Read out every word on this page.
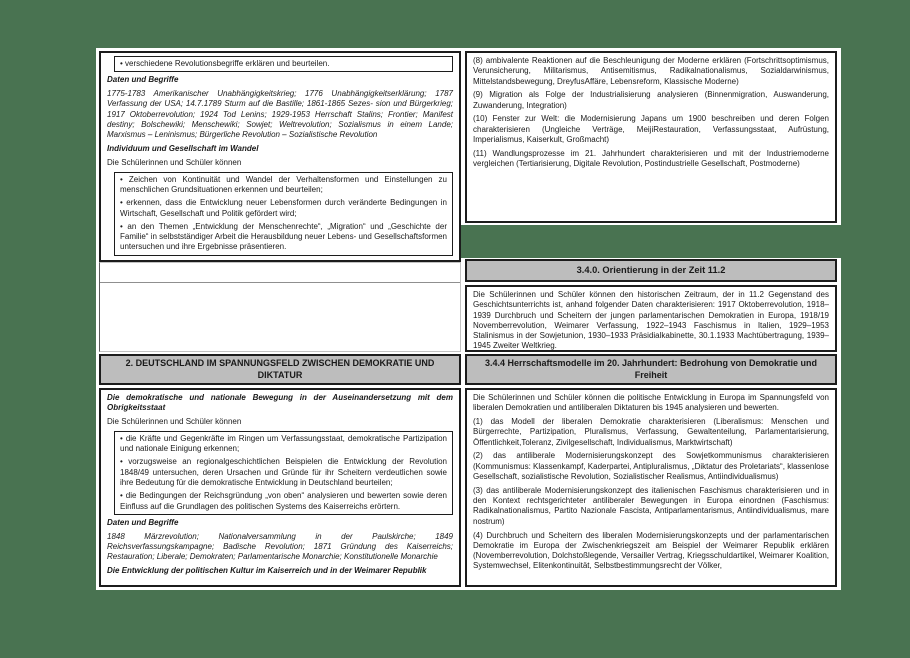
• verschiedene Revolutionsbegriffe erklären und beurteilen.

Daten und Begriffe

1775-1783 Amerikanischer Unabhängigkeitskrieg; 1776 Unabhängigkeitserklärung; 1787 Verfassung der USA; 14.7.1789 Sturm auf die Bastille; 1861-1865 Sezes- sion und Bürgerkrieg; 1917 Oktoberrevolution; 1924 Tod Lenins; 1929-1953 Herrschaft Stalins; Frontier; Manifest destiny; Bolschewiki; Menschewiki; Sowjet; Weltrevolution; Sozialismus in einem Lande; Marxismus – Leninismus; Bürgerliche Revolution – Sozialistische Revolution

Individuum und Gesellschaft im Wandel

Die Schülerinnen und Schüler können

• Zeichen von Kontinuität und Wandel der Verhaltensformen und Einstellungen zu menschlichen Grundsituationen erkennen und beurteilen;

• erkennen, dass die Entwicklung neuer Lebensformen durch veränderte Bedingungen in Wirtschaft, Gesellschaft und Politik gefördert wird;

• an den Themen „Entwicklung der Menschenrechte“, „Migration“ und „Geschichte der Familie“ in selbstständiger Arbeit die Herausbildung neuer Lebens- und Gesellschaftsformen untersuchen und ihre Ergebnisse präsentieren.

(8) ambivalente Reaktionen auf die Beschleunigung der Moderne erklären (Fortschrittsoptimismus, Verunsicherung, Militarismus, Antisemitismus, Radikalnationalismus, Sozialdarwinismus, Mittelstandsbewegung, DreyfusAffäre, Lebensreform, Klassische Moderne)

(9) Migration als Folge der Industrialisierung analysieren (Binnenmigration, Auswanderung, Zuwanderung, Integration)

(10) Fenster zur Welt: die Modernisierung Japans um 1900 beschreiben und deren Folgen charakterisieren (Ungleiche Verträge, MeijiRestauration, Verfassungsstaat, Aufrüstung, Imperialismus, Kaiserkult, Großmacht)

(11) Wandlungsprozesse im 21. Jahrhundert charakterisieren und mit der Industriemoderne vergleichen (Tertiarisierung, Digitale Revolution, Postindustrielle Gesellschaft, Postmoderne)

3.4.0. Orientierung in der Zeit 11.2

Die Schülerinnen und Schüler können den historischen Zeitraum, der in 11.2 Gegenstand des Geschichtsunterrichts ist, anhand folgender Daten charakterisieren: 1917 Oktoberrevolution, 1918–1939 Durchbruch und Scheitern der jungen parlamentarischen Demokratien in Europa, 1918/19 Novemberrevolution, Weimarer Verfassung, 1922–1943 Faschismus in Italien, 1929–1953 Stalinismus in der Sowjetunion, 1930–1933 Präsidialkabinette, 30.1.1933 Machtübertragung, 1939–1945 Zweiter Weltkrieg.

2. DEUTSCHLAND IM SPANNUNGSFELD ZWISCHEN DEMOKRATIE UND DIKTATUR
3.4.4 Herrschaftsmodelle im 20. Jahrhundert: Bedrohung von Demokratie und Freiheit

Die demokratische und nationale Bewegung in der Auseinandersetzung mit dem Obrigkeitsstaat

Die Schülerinnen und Schüler können

• die Kräfte und Gegenkräfte im Ringen um Verfassungsstaat, demokratische Partizipation und nationale Einigung erkennen;

• vorzugsweise an regionalgeschichtlichen Beispielen die Entwicklung der Revolution 1848/49 untersuchen, deren Ursachen und Gründe für ihr Scheitern verdeutlichen sowie ihre Bedeutung für die demokratische Entwicklung in Deutschland beurteilen;

• die Bedingungen der Reichsgründung „von oben“ analysieren und bewerten sowie deren Einfluss auf die Grundlagen des politischen Systems des Kaiserreichs erörtern.

Daten und Begriffe

1848 Märzrevolution; Nationalversammlung in der Paulskirche; 1849 Reichsverfassungskampagne; Badische Revolution; 1871 Gründung des Kaiserreichs; Restauration; Liberale; Demokraten; Parlamentarische Monarchie; Konstitutionelle Monarchie

Die Entwicklung der politischen Kultur im Kaiserreich und in der Weimarer Republik

Die Schülerinnen und Schüler können die politische Entwicklung in Europa im Spannungsfeld von liberalen Demokratien und antiliberalen Diktaturen bis 1945 analysieren und bewerten.

(1) das Modell der liberalen Demokratie charakterisieren (Liberalismus: Menschen und Bürgerrechte, Partizipation, Pluralismus, Verfassung, Gewaltenteilung, Parlamentarisierung, Öffentlichkeit,Toleranz, Zivilgesellschaft, Individualismus, Marktwirtschaft)

(2) das antiliberale Modernisierungskonzept des Sowjetkommunismus charakterisieren (Kommunismus: Klassenkampf, Kaderpartei, Antipluralismus, „Diktatur des Proletariats“, klassenlose Gesellschaft, sozialistische Revolution, Sozialistischer Realismus, Antiindividualismus)

(3) das antiliberale Modernisierungskonzept des italienischen Faschismus charakterisieren und in den Kontext rechtsgerichteter antiliberaler Bewegungen in Europa einordnen (Faschismus: Radikalnationalismus, Partito Nazionale Fascista, Antiparlamentarismus, Antiindividualismus, mare nostrum)

(4) Durchbruch und Scheitern des liberalen Modernisierungskonzepts und der parlamentarischen Demokratie im Europa der Zwischenkriegszeit am Beispiel der Weimarer Republik erklären (Novemberrevolution, Dolchstoßlegende, Versailler Vertrag, Kriegsschuldartikel, Weimarer Koalition, Systemwechsel, Elitenkontinuität, Selbstbestimmungsrecht der Völker,
